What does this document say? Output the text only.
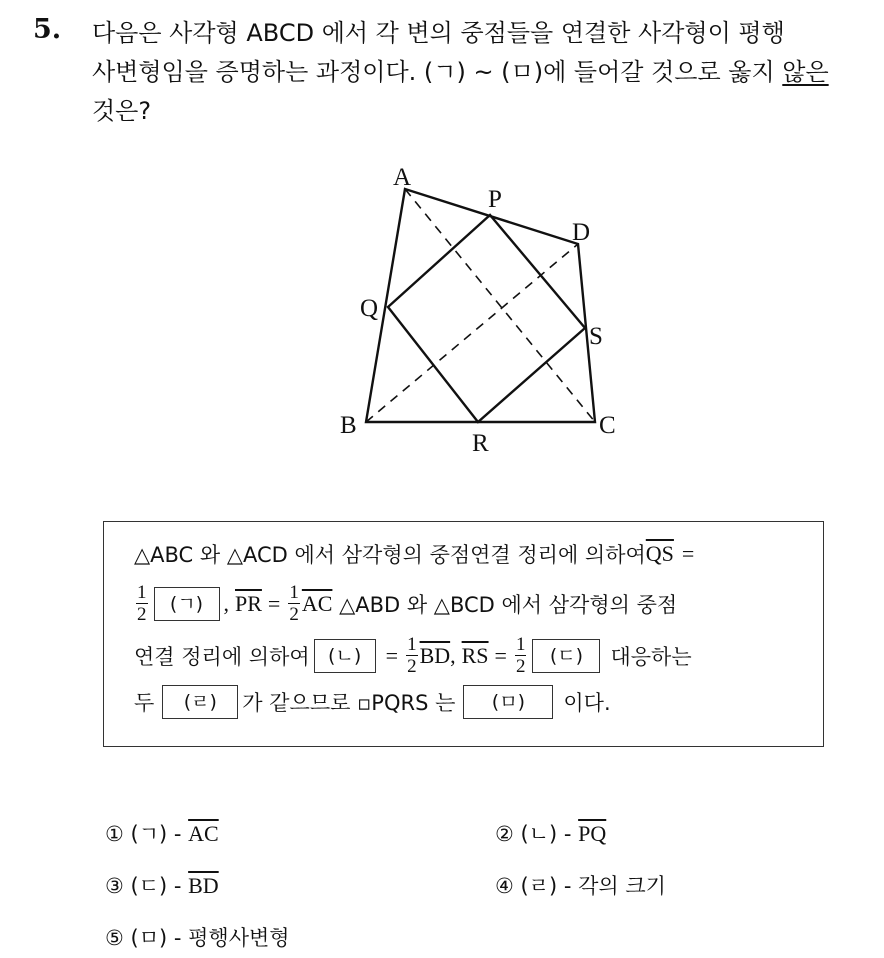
5. 다음은 사각형 ABCD 에서 각 변의 중점들을 연결한 사각형이 평행
사변형임을 증명하는 과정이다. (ㄱ) ~ (ㅁ)에 들어갈 것으로 옳지 않은
것은?
A
P
D
Q
S
B	C
R
△ABC 와 △ACD 에서 삼각형의 중점연결 정리에 의하여 $\overline{QS}$ =
$\frac{1}{2}$	(ㄱ) , $\overline{PR} = \frac{1}{2} \overline{AC}$ △ABD 와 △BCD 에서 삼각형의 중점
연결 정리에 의하여 (ㄴ)	= $\frac{1}{2} \overline{BD}$ , $\overline{RS} = \frac{1}{2}$	(ㄷ)	대응하는
두	(ㄹ)	가 같으므로 ▫PQRS 는	(ㅁ)	이다.
① (ㄱ) - $\overline{AC}$	② (ㄴ) - $\overline{PQ}$
③ (ㄷ) - $\overline{BD}$	④ (ㄹ) - 각의 크기
⑤ (ㅁ) - 평행사변형
